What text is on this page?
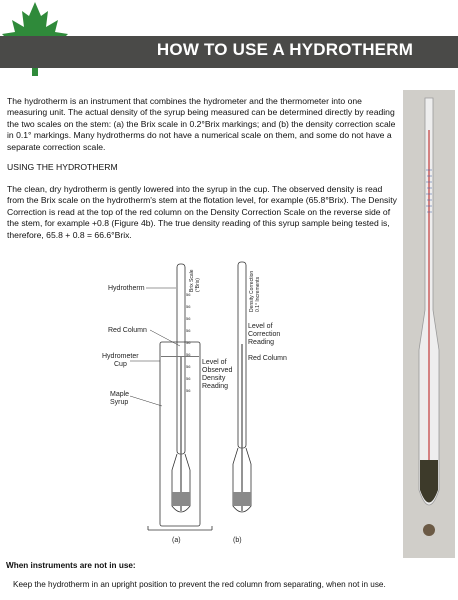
HOW TO USE A HYDROTHERM
The hydrotherm is an instrument that combines the hydrometer and the thermometer into one measuring unit. The actual density of the syrup being measured can be determined directly by reading the two scales on the stem: (a) the Brix scale in 0.2°Brix markings; and (b) the density correction scale in 0.1° markings. Many hydrotherms do not have a numerical scale on them, and some do not have a separate correction scale.
USING THE HYDROTHERM
The clean, dry hydrotherm is gently lowered into the syrup in the cup. The observed density is read from the Brix scale on the hydrotherm's stem at the flotation level, for example (65.8°Brix). The Density Correction is read at the top of the red column on the Density Correction Scale on the reverse side of the stem, for example +0.8 (Figure 4b). The true density reading of this syrup sample being tested is, therefore, 65.8 + 0.8 = 66.6°Brix.
56
56
56
56
56
56
56
56
56
Brix Scale (°Brix)
Hydrotherm
Red Column
Hydrometer
Cup
Maple
Syrup
Level of
Observed
Density
Reading
Density Correction 0.1° Increments
Level of
Correction
Reading
Red Column
(a)	(b)
When instruments are not in use:
Keep the hydrotherm in an upright position to prevent the red column from separating, when not in use.
